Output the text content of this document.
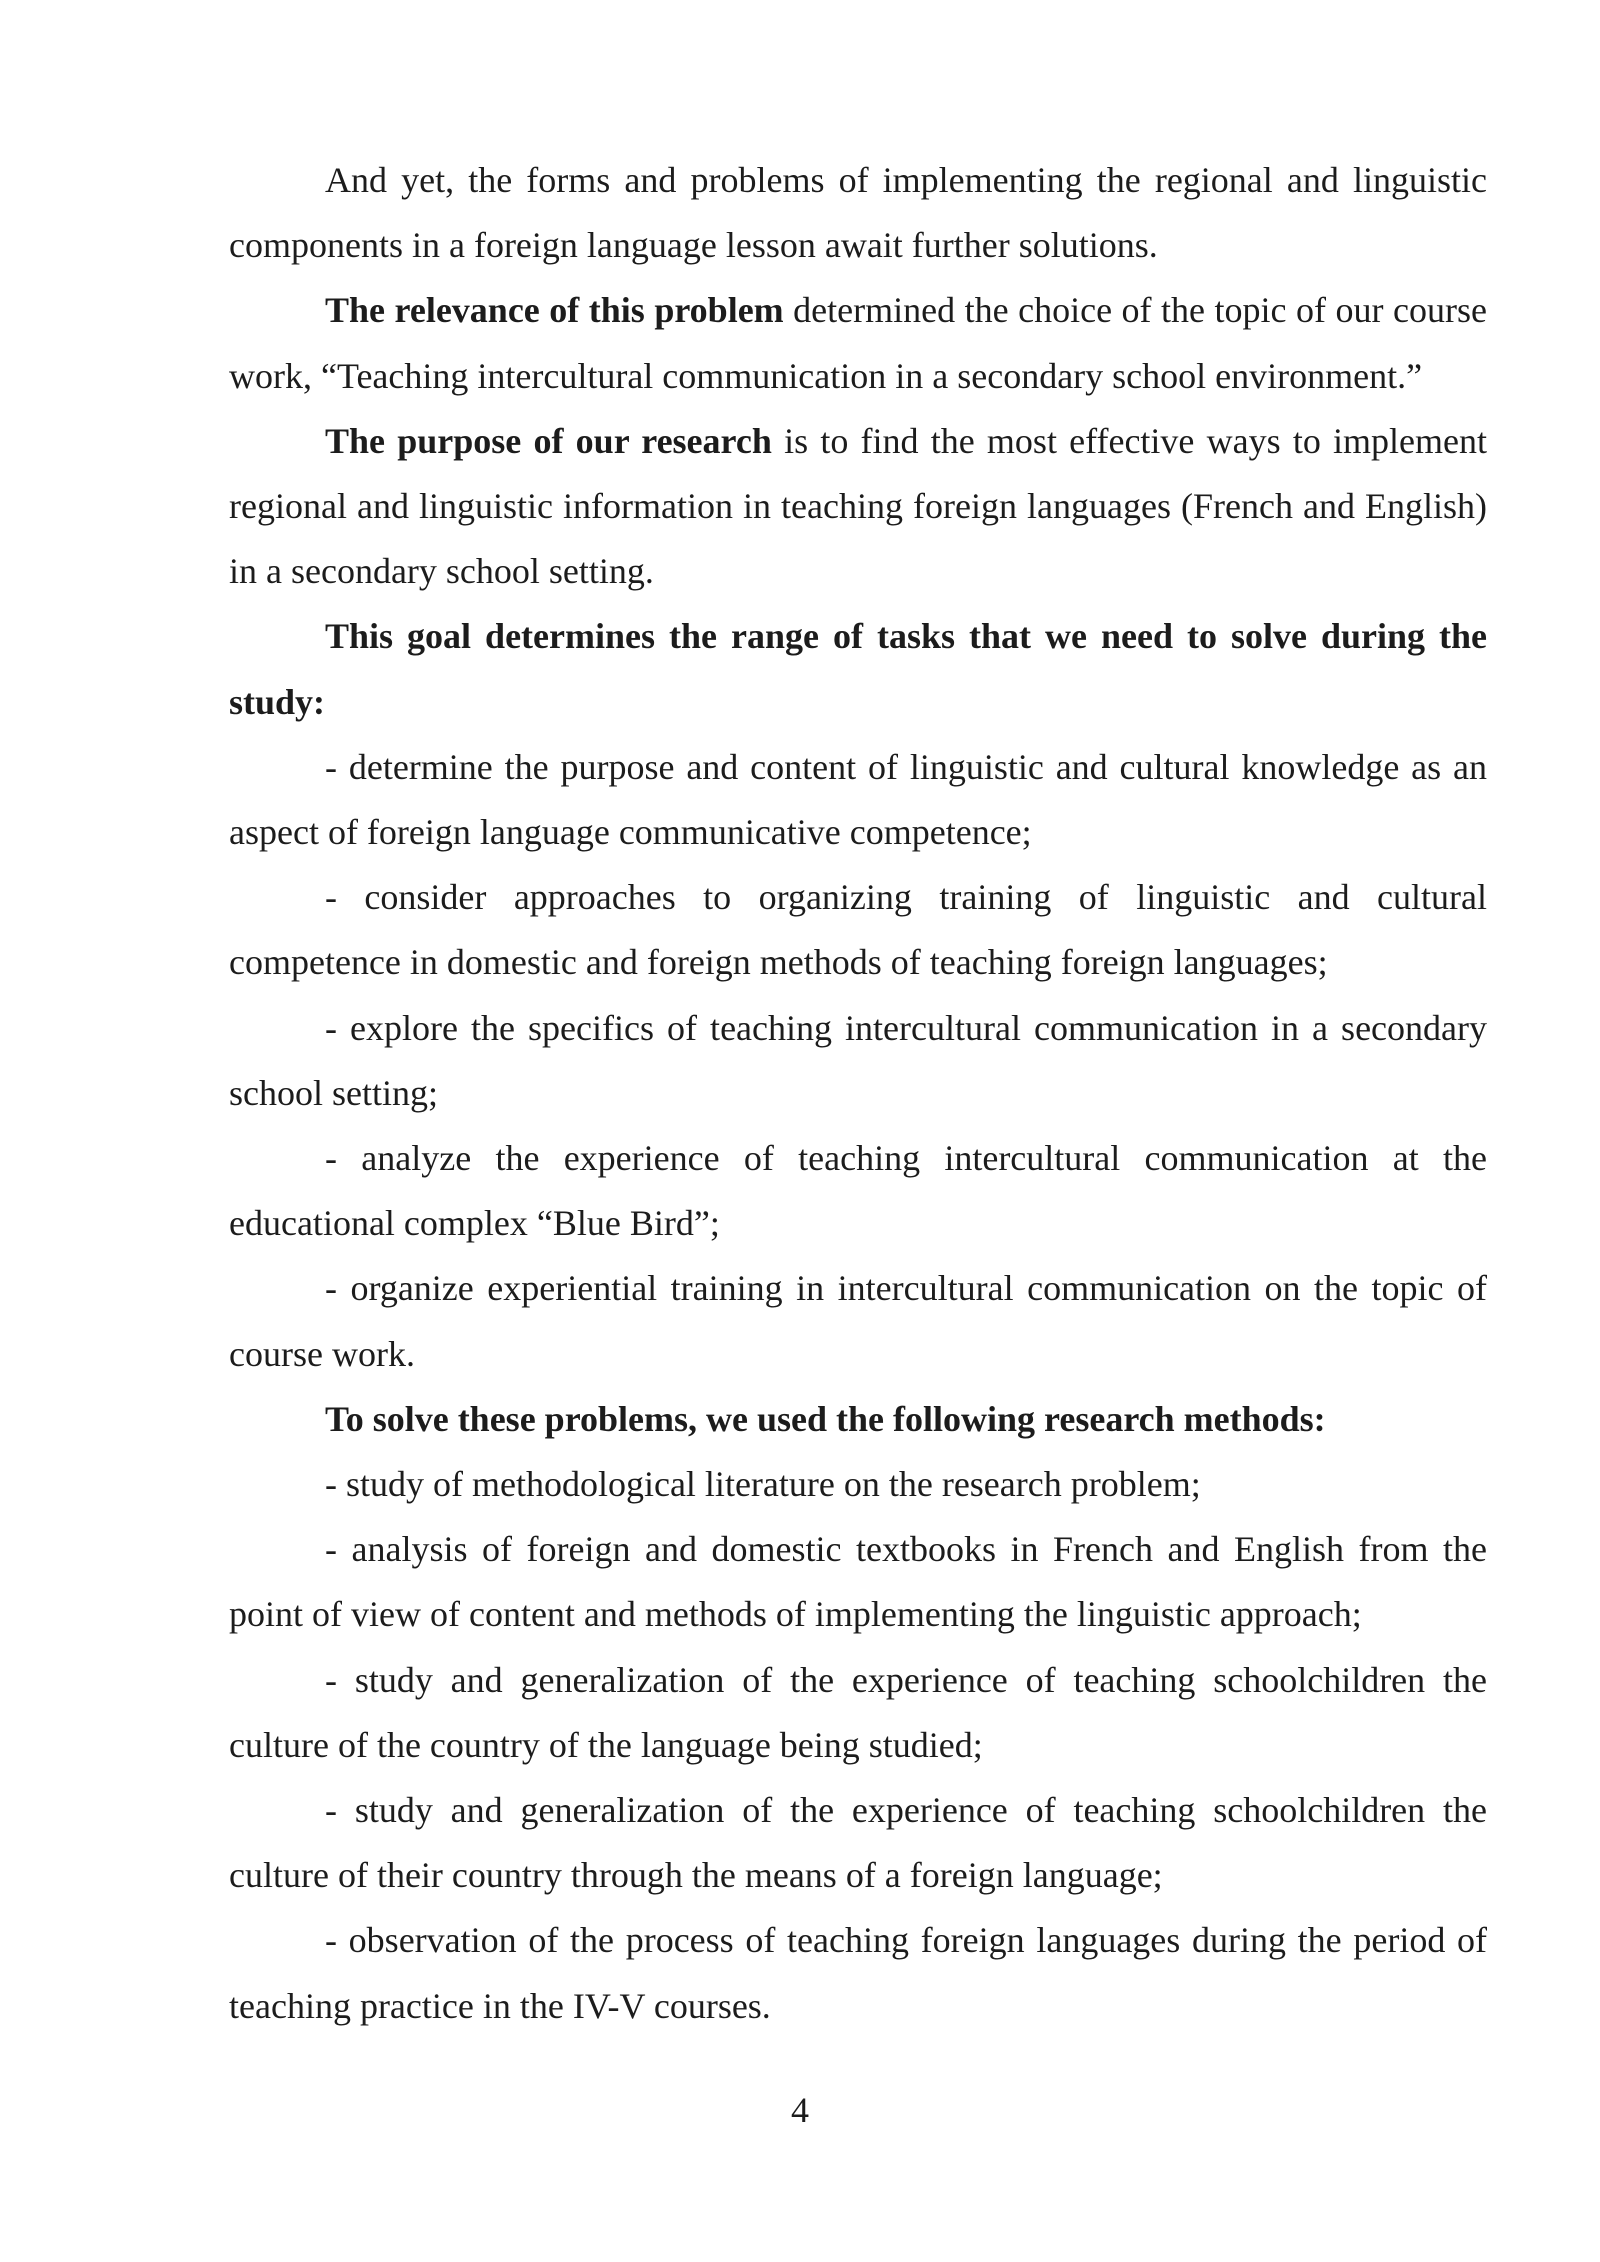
And yet, the forms and problems of implementing the regional and linguistic components in a foreign language lesson await further solutions.

The relevance of this problem determined the choice of the topic of our course work, “Teaching intercultural communication in a secondary school environment.”

The purpose of our research is to find the most effective ways to implement regional and linguistic information in teaching foreign languages (French and English) in a secondary school setting.

This goal determines the range of tasks that we need to solve during the study:

- determine the purpose and content of linguistic and cultural knowledge as an aspect of foreign language communicative competence;

- consider approaches to organizing training of linguistic and cultural competence in domestic and foreign methods of teaching foreign languages;

- explore the specifics of teaching intercultural communication in a secondary school setting;

- analyze the experience of teaching intercultural communication at the educational complex “Blue Bird”;

- organize experiential training in intercultural communication on the topic of course work.

To solve these problems, we used the following research methods:

- study of methodological literature on the research problem;

- analysis of foreign and domestic textbooks in French and English from the point of view of content and methods of implementing the linguistic approach;

- study and generalization of the experience of teaching schoolchildren the culture of the country of the language being studied;

- study and generalization of the experience of teaching schoolchildren the culture of their country through the means of a foreign language;

- observation of the process of teaching foreign languages during the period of teaching practice in the IV-V courses.

4
